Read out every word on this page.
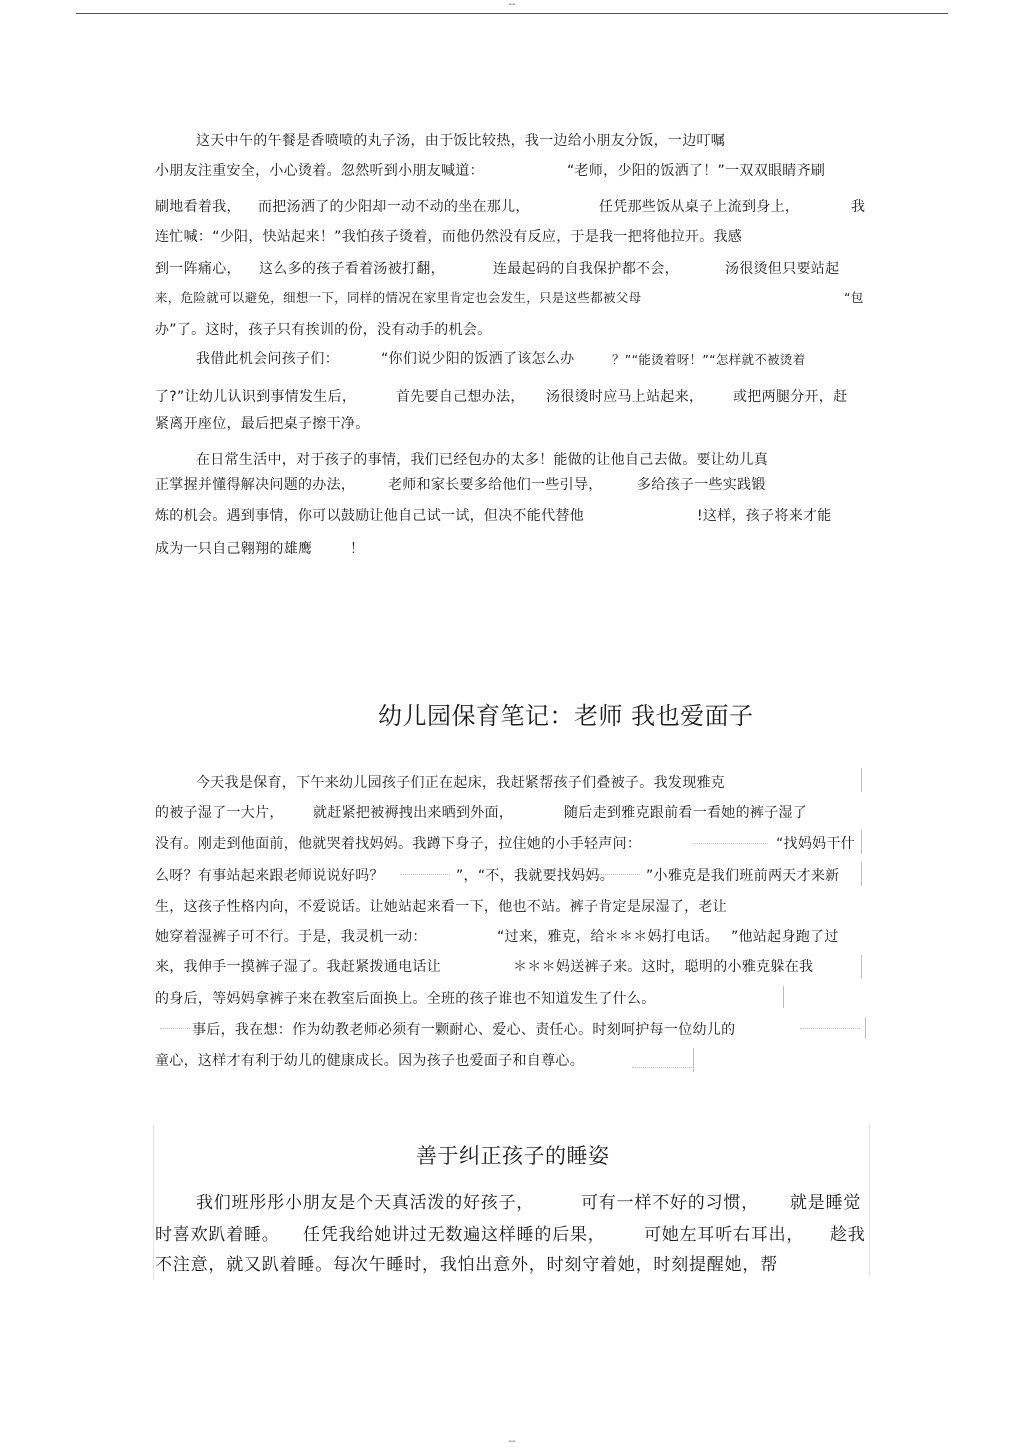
--
这天中午的午餐是香喷喷的丸子汤，由于饭比较热，我一边给小朋友分饭，一边叮嘱
小朋友注重安全，小心烫着。忽然听到小朋友喊道：	“老师，少阳的饭洒了！”一双双眼睛齐刷
刷地看着我， 而把汤洒了的少阳却一动不动的坐在那儿，	任凭那些饭从桌子上流到身上，	我
连忙喊：“少阳，快站起来！”我怕孩子烫着，而他仍然没有反应，于是我一把将他拉开。我感
到一阵痛心， 这么多的孩子看着汤被打翻，	连最起码的自我保护都不会，	汤很烫但只要站起
来，危险就可以避免，细想一下，同样的情况在家里肯定也会发生，只是这些都被父母	“包
办”了。这时，孩子只有挨训的份，没有动手的机会。
我借此机会问孩子们：	“你们说少阳的饭洒了该怎么办	？”“能烫着呀！”“怎样就不被烫着
了?”让幼儿认识到事情发生后，	首先要自己想办法， 汤很烫时应马上站起来， 或把两腿分开，赶
紧离开座位，最后把桌子擦干净。
在日常生活中，对于孩子的事情，我们已经包办的太多！能做的让他自己去做。要让幼儿真
正掌握并懂得解决问题的办法， 老师和家长要多给他们一些引导， 多给孩子一些实践锻
炼的机会。遇到事情，你可以鼓励让他自己试一试，但决不能代替他	!这样，孩子将来才能
成为一只自己翱翔的雄鹰	！
幼儿园保育笔记：老师 我也爱面子
今天我是保育，下午来幼儿园孩子们正在起床，我赶紧帮孩子们叠被子。我发现雅克
的被子湿了一大片， 就赶紧把被褥拽出来晒到外面，	随后走到雅克跟前看一看她的裤子湿了
没有。刚走到他面前，他就哭着找妈妈。我蹲下身子，拉住她的小手轻声问：	“找妈妈干什
么呀？有事站起来跟老师说说好吗？	”，“不，我就要找妈妈。 ”小雅克是我们班前两天才来新
生，这孩子性格内向，不爱说话。让她站起来看一下，他也不站。裤子肯定是尿湿了，老让
她穿着湿裤子可不行。于是，我灵机一动：	“过来，雅克，给＊＊＊妈打电话。 ”他站起身跑了过
来，我伸手一摸裤子湿了。我赶紧拨通电话让	＊＊＊妈送裤子来。这时，聪明的小雅克躲在我
的身后，等妈妈拿裤子来在教室后面换上。全班的孩子谁也不知道发生了什么。
事后，我在想：作为幼教老师必须有一颗耐心、爱心、责任心。时刻呵护每一位幼儿的
童心，这样才有利于幼儿的健康成长。因为孩子也爱面子和自尊心。
善于纠正孩子的睡姿
我们班彤彤小朋友是个天真活泼的好孩子，	可有一样不好的习惯， 就是睡觉
时喜欢趴着睡。 任凭我给她讲过无数遍这样睡的后果， 可她左耳听右耳出， 趁我
不注意，就又趴着睡。每次午睡时，我怕出意外，时刻守着她，时刻提醒她，帮
--
